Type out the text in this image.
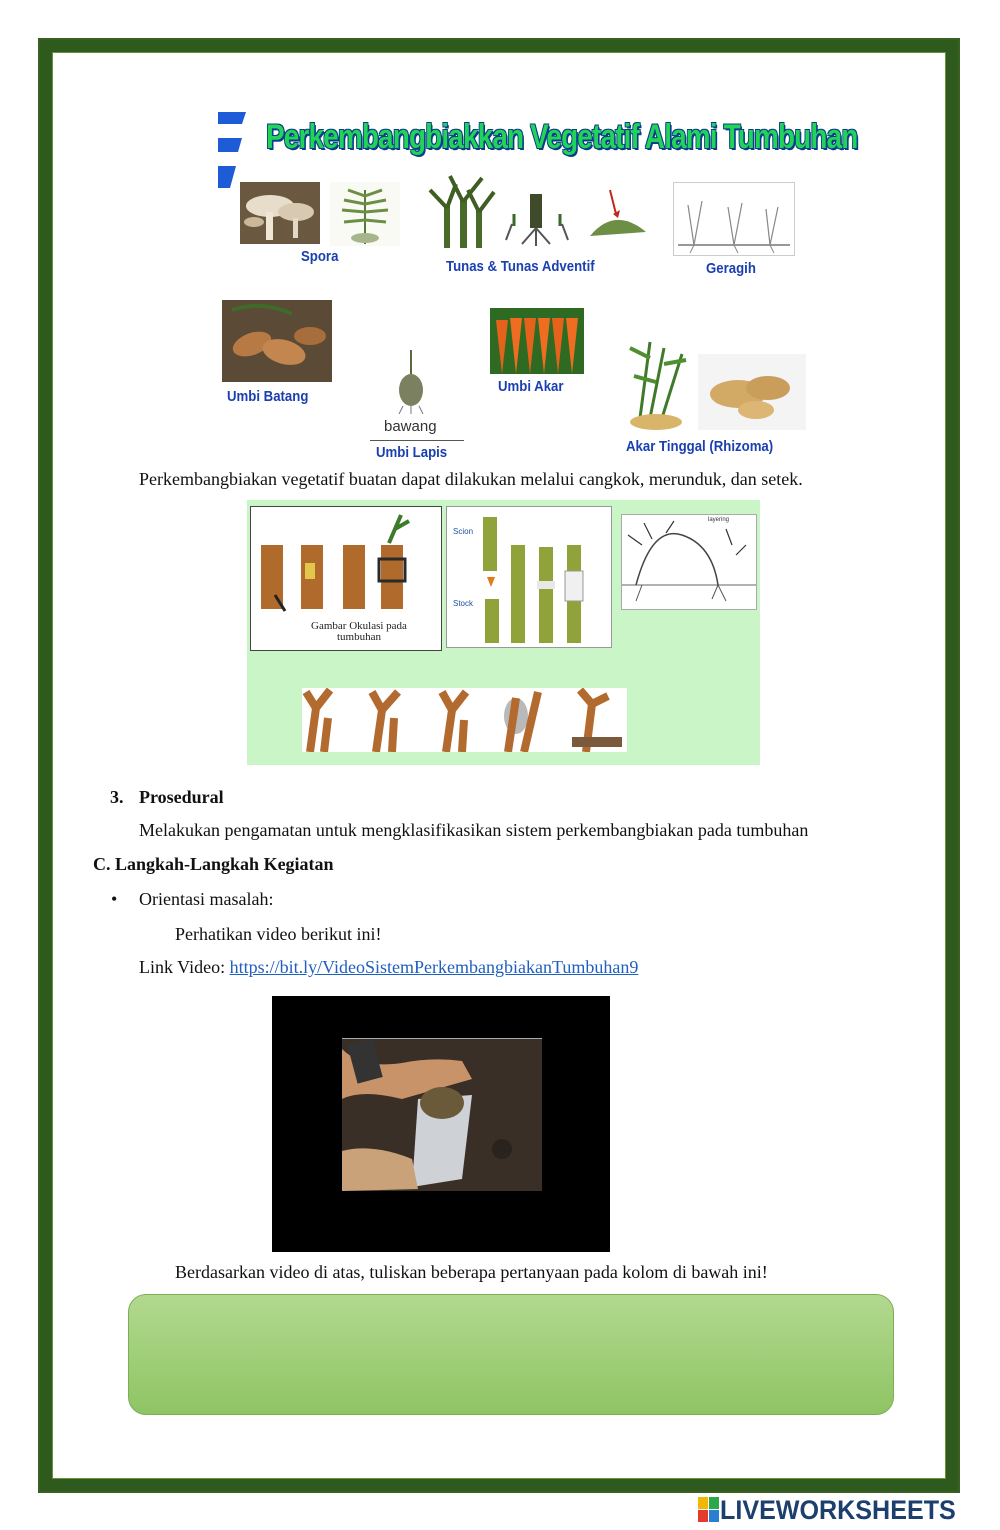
Perkembangbiakkan Vegetatif Alami Tumbuhan
Spora
Tunas & Tunas Adventif	Geragih
Umbi Batang
bawang
Umbi Lapis
Umbi Akar
Akar Tinggal (Rhizoma)
Perkembangbiakan vegetatif buatan dapat dilakukan melalui cangkok, merunduk, dan setek.
Gambar Okulasi pada tumbuhan
Scion
Stock
layering
3. Prosedural
Melakukan pengamatan untuk mengklasifikasikan sistem perkembangbiakan pada tumbuhan
C. Langkah-Langkah Kegiatan
• Orientasi masalah:
Perhatikan video berikut ini!
Link Video: https://bit.ly/VideoSistemPerkembangbiakanTumbuhan9
Berdasarkan video di atas, tuliskan beberapa pertanyaan pada kolom di bawah ini!
LIVEWORKSHEETS
